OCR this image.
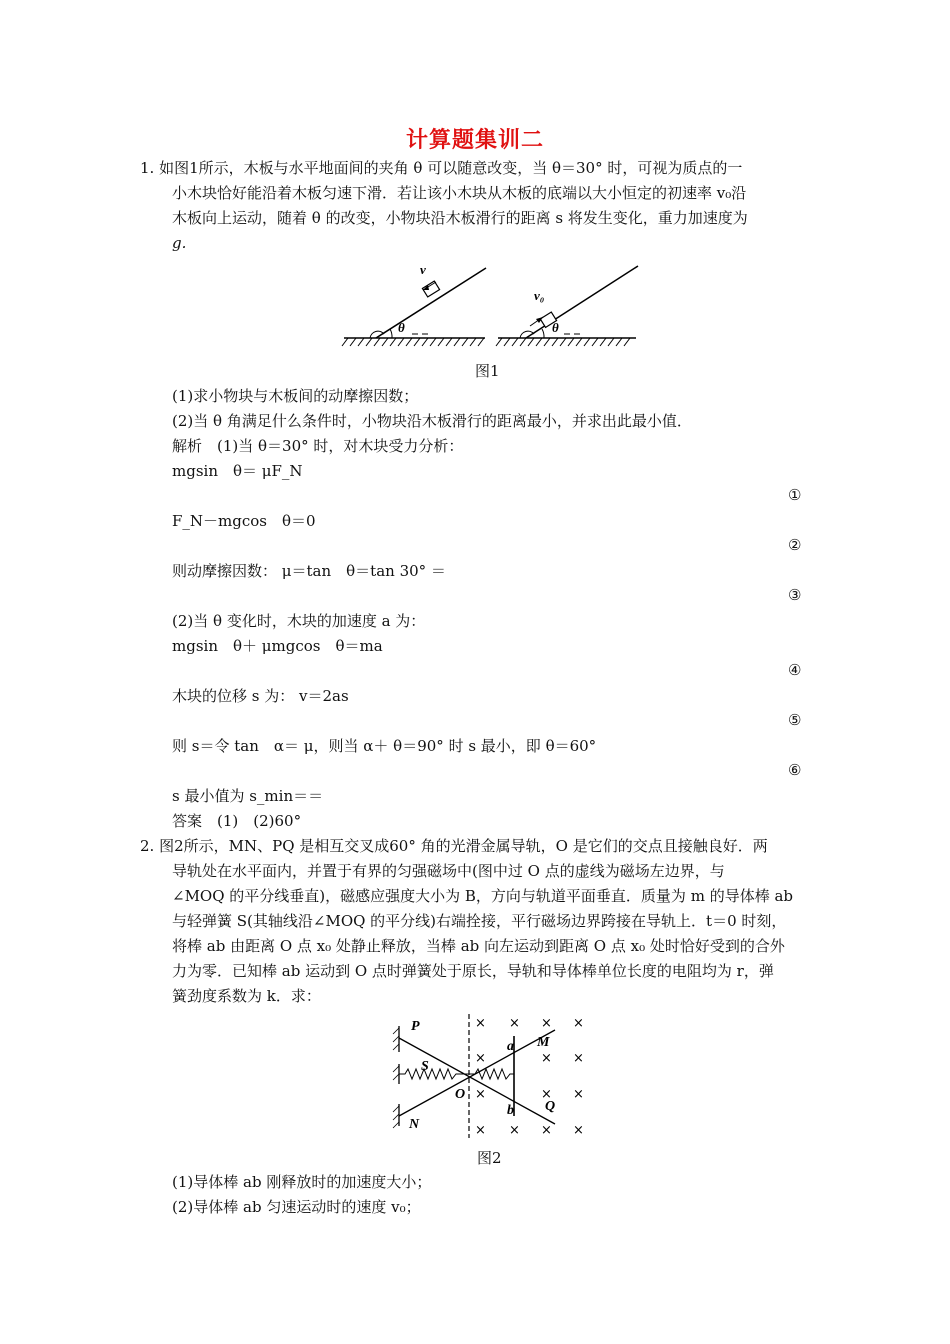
计算题集训二
1. 如图1所示，木板与水平地面间的夹角 θ 可以随意改变，当 θ＝30° 时，可视为质点的一
小木块恰好能沿着木板匀速下滑．若让该小木块从木板的底端以大小恒定的初速率 v₀沿
木板向上运动，随着 θ 的改变，小物块沿木板滑行的距离 s 将发生变化，重力加速度为
g.
θ
v
θ
v₀
图1
(1)求小物块与木板间的动摩擦因数；
(2)当 θ 角满足什么条件时，小物块沿木板滑行的距离最小，并求出此最小值．
解析　(1)当 θ＝30° 时，对木块受力分析：
mgsin　θ＝ μF_N
①
F_N－mgcos　θ＝0
②
则动摩擦因数： μ＝tan　θ＝tan 30° ＝
③
(2)当 θ 变化时，木块的加速度 a 为：
mgsin　θ＋ μmgcos　θ＝ma
④
木块的位移 s 为： v＝2as
⑤
则 s＝令 tan　α＝ μ，则当 α＋ θ＝90° 时 s 最小，即 θ＝60°
⑥
s 最小值为 s_min＝＝
答案　(1)　(2)60°
2. 图2所示，MN、PQ 是相互交叉成60° 角的光滑金属导轨，O 是它们的交点且接触良好．两
导轨处在水平面内，并置于有界的匀强磁场中(图中过 O 点的虚线为磁场左边界，与
∠MOQ 的平分线垂直)，磁感应强度大小为 B，方向与轨道平面垂直．质量为 m 的导体棒 ab
与轻弹簧 S(其轴线沿∠MOQ 的平分线)右端拴接，平行磁场边界跨接在导轨上．t＝0 时刻，
将棒 ab 由距离 O 点 x₀ 处静止释放，当棒 ab 向左运动到距离 O 点 x₀ 处时恰好受到的合外
力为零．已知棒 ab 运动到 O 点时弹簧处于原长，导轨和导体棒单位长度的电阻均为 r，弹
簧劲度系数为 k．求：
× × × ×
×	× ×
×	× ×
× × × ×
P
S
O
N
a
b
M
Q
图2
(1)导体棒 ab 刚释放时的加速度大小；
(2)导体棒 ab 匀速运动时的速度 v₀；
